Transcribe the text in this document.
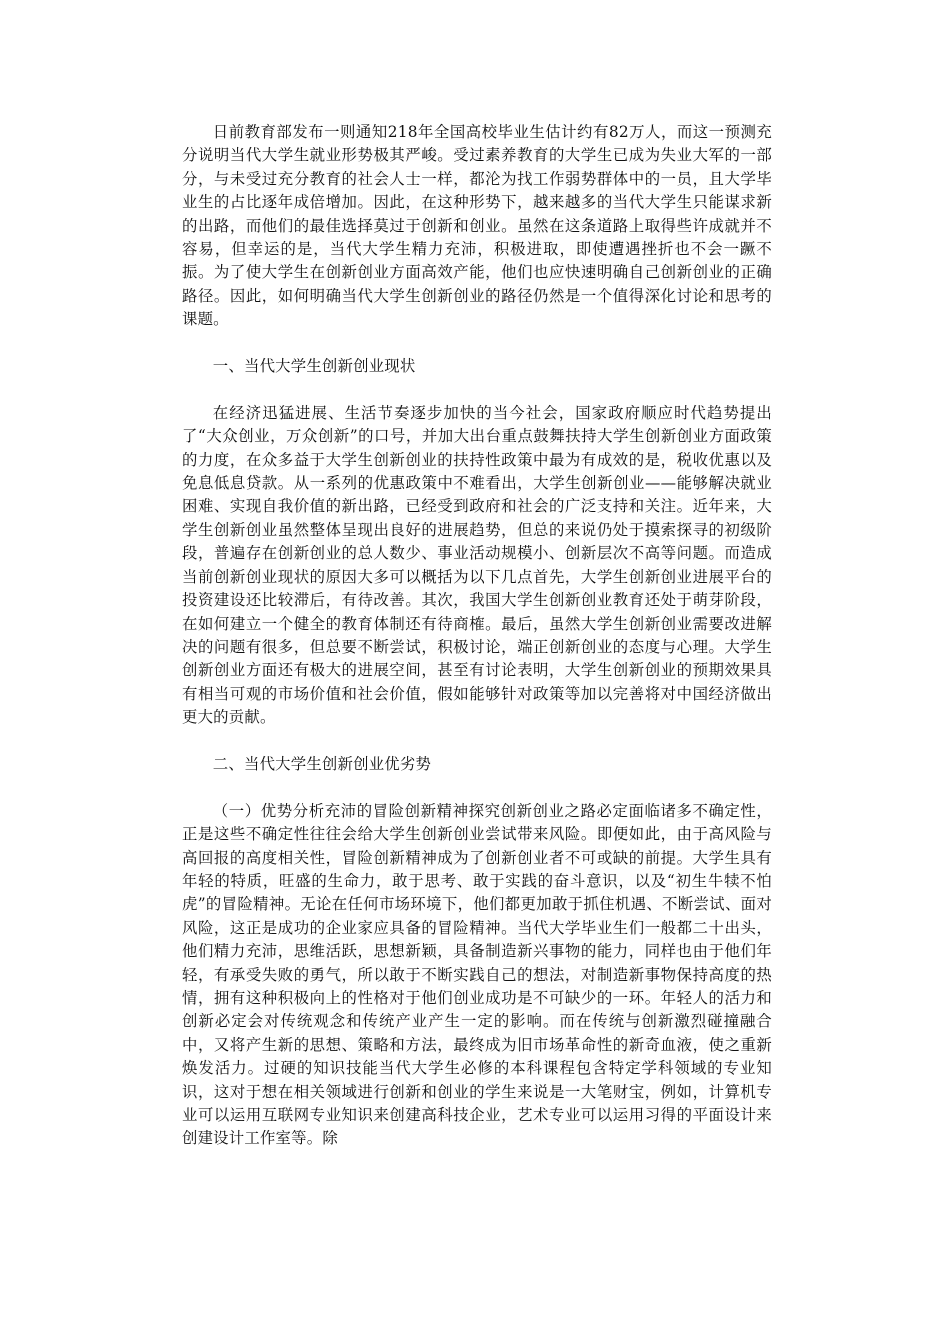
日前教育部发布一则通知218年全国高校毕业生估计约有82万人，而这一预测充分说明当代大学生就业形势极其严峻。受过素养教育的大学生已成为失业大军的一部分，与未受过充分教育的社会人士一样，都沦为找工作弱势群体中的一员，且大学毕业生的占比逐年成倍增加。因此，在这种形势下，越来越多的当代大学生只能谋求新的出路，而他们的最佳选择莫过于创新和创业。虽然在这条道路上取得些许成就并不容易，但幸运的是，当代大学生精力充沛，积极进取，即使遭遇挫折也不会一蹶不振。为了使大学生在创新创业方面高效产能，他们也应快速明确自己创新创业的正确路径。因此，如何明确当代大学生创新创业的路径仍然是一个值得深化讨论和思考的课题。

一、当代大学生创新创业现状

在经济迅猛进展、生活节奏逐步加快的当今社会，国家政府顺应时代趋势提出了“大众创业，万众创新”的口号，并加大出台重点鼓舞扶持大学生创新创业方面政策的力度，在众多益于大学生创新创业的扶持性政策中最为有成效的是，税收优惠以及免息低息贷款。从一系列的优惠政策中不难看出，大学生创新创业——能够解决就业困难、实现自我价值的新出路，已经受到政府和社会的广泛支持和关注。近年来，大学生创新创业虽然整体呈现出良好的进展趋势，但总的来说仍处于摸索探寻的初级阶段，普遍存在创新创业的总人数少、事业活动规模小、创新层次不高等问题。而造成当前创新创业现状的原因大多可以概括为以下几点首先，大学生创新创业进展平台的投资建设还比较滞后，有待改善。其次，我国大学生创新创业教育还处于萌芽阶段，在如何建立一个健全的教育体制还有待商榷。最后，虽然大学生创新创业需要改进解决的问题有很多，但总要不断尝试，积极讨论，端正创新创业的态度与心理。大学生创新创业方面还有极大的进展空间，甚至有讨论表明，大学生创新创业的预期效果具有相当可观的市场价值和社会价值，假如能够针对政策等加以完善将对中国经济做出更大的贡献。

二、当代大学生创新创业优劣势

（一）优势分析充沛的冒险创新精神探究创新创业之路必定面临诸多不确定性，正是这些不确定性往往会给大学生创新创业尝试带来风险。即便如此，由于高风险与高回报的高度相关性，冒险创新精神成为了创新创业者不可或缺的前提。大学生具有年轻的特质，旺盛的生命力，敢于思考、敢于实践的奋斗意识，以及“初生牛犊不怕虎”的冒险精神。无论在任何市场环境下，他们都更加敢于抓住机遇、不断尝试、面对风险，这正是成功的企业家应具备的冒险精神。当代大学毕业生们一般都二十出头，他们精力充沛，思维活跃，思想新颖，具备制造新兴事物的能力，同样也由于他们年轻，有承受失败的勇气，所以敢于不断实践自己的想法，对制造新事物保持高度的热情，拥有这种积极向上的性格对于他们创业成功是不可缺少的一环。年轻人的活力和创新必定会对传统观念和传统产业产生一定的影响。而在传统与创新激烈碰撞融合中，又将产生新的思想、策略和方法，最终成为旧市场革命性的新奇血液，使之重新焕发活力。过硬的知识技能当代大学生必修的本科课程包含特定学科领域的专业知识，这对于想在相关领域进行创新和创业的学生来说是一大笔财宝，例如，计算机专业可以运用互联网专业知识来创建高科技企业，艺术专业可以运用习得的平面设计来创建设计工作室等。除
